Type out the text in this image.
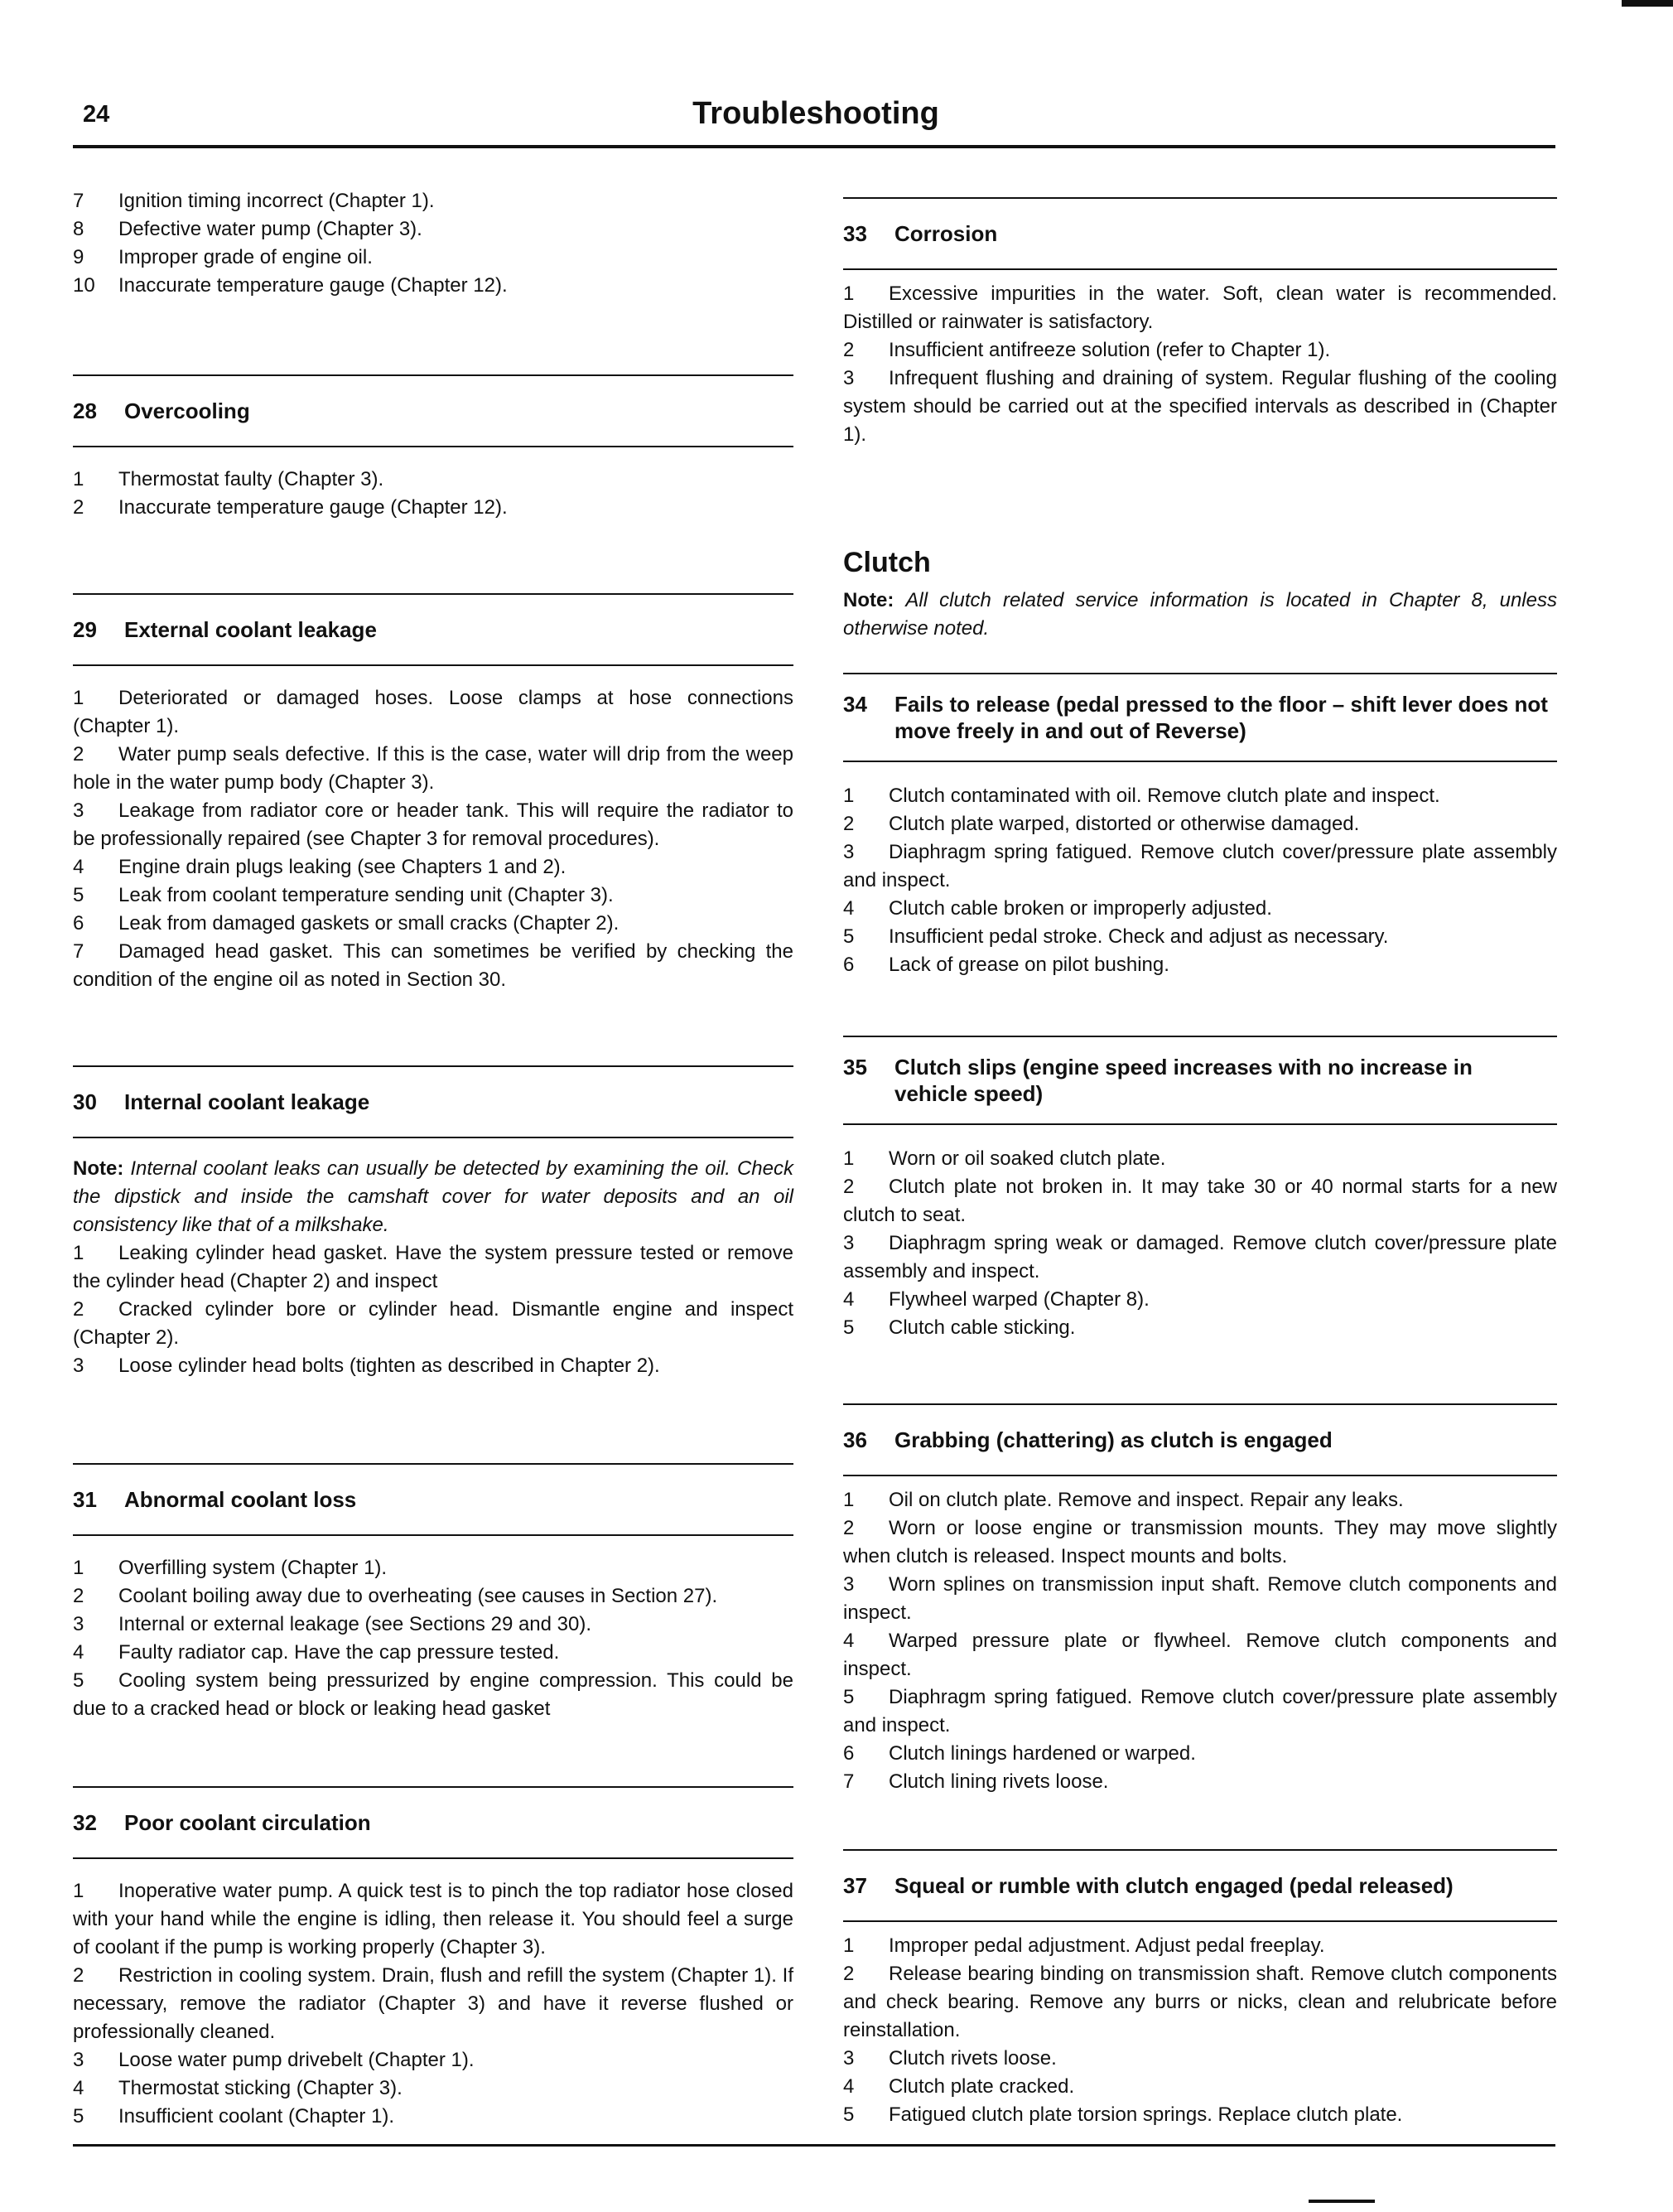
24	Troubleshooting

7 Ignition timing incorrect (Chapter 1).

8 Defective water pump (Chapter 3).

9 Improper grade of engine oil.

10 Inaccurate temperature gauge (Chapter 12).

28 Overcooling

1 Thermostat faulty (Chapter 3).

2 Inaccurate temperature gauge (Chapter 12).

29 External coolant leakage

1 Deteriorated or damaged hoses. Loose clamps at hose connections (Chapter 1).

2 Water pump seals defective. If this is the case, water will drip from the weep hole in the water pump body (Chapter 3).

3 Leakage from radiator core or header tank. This will require the radiator to be professionally repaired (see Chapter 3 for removal procedures).

4 Engine drain plugs leaking (see Chapters 1 and 2).

5 Leak from coolant temperature sending unit (Chapter 3).

6 Leak from damaged gaskets or small cracks (Chapter 2).

7 Damaged head gasket. This can sometimes be verified by checking the condition of the engine oil as noted in Section 30.

30 Internal coolant leakage

Note: Internal coolant leaks can usually be detected by examining the oil. Check the dipstick and inside the camshaft cover for water deposits and an oil consistency like that of a milkshake.

1 Leaking cylinder head gasket. Have the system pressure tested or remove the cylinder head (Chapter 2) and inspect

2 Cracked cylinder bore or cylinder head. Dismantle engine and inspect (Chapter 2).

3 Loose cylinder head bolts (tighten as described in Chapter 2).

31 Abnormal coolant loss

1 Overfilling system (Chapter 1).

2 Coolant boiling away due to overheating (see causes in Section 27).

3 Internal or external leakage (see Sections 29 and 30).

4 Faulty radiator cap. Have the cap pressure tested.

5 Cooling system being pressurized by engine compression. This could be due to a cracked head or block or leaking head gasket

32 Poor coolant circulation

1 Inoperative water pump. A quick test is to pinch the top radiator hose closed with your hand while the engine is idling, then release it. You should feel a surge of coolant if the pump is working properly (Chapter 3).

2 Restriction in cooling system. Drain, flush and refill the system (Chapter 1). If necessary, remove the radiator (Chapter 3) and have it reverse flushed or professionally cleaned.

3 Loose water pump drivebelt (Chapter 1).

4 Thermostat sticking (Chapter 3).

5 Insufficient coolant (Chapter 1).

33 Corrosion

1 Excessive impurities in the water. Soft, clean water is recommended. Distilled or rainwater is satisfactory.

2 Insufficient antifreeze solution (refer to Chapter 1).

3 Infrequent flushing and draining of system. Regular flushing of the cooling system should be carried out at the specified intervals as described in (Chapter 1).

Clutch

Note: All clutch related service information is located in Chapter 8, unless otherwise noted.

34 Fails to release (pedal pressed to the floor – shift lever does not move freely in and out of Reverse)

1 Clutch contaminated with oil. Remove clutch plate and inspect.

2 Clutch plate warped, distorted or otherwise damaged.

3 Diaphragm spring fatigued. Remove clutch cover/pressure plate assembly and inspect.

4 Clutch cable broken or improperly adjusted.

5 Insufficient pedal stroke. Check and adjust as necessary.

6 Lack of grease on pilot bushing.

35 Clutch slips (engine speed increases with no increase in vehicle speed)

1 Worn or oil soaked clutch plate.

2 Clutch plate not broken in. It may take 30 or 40 normal starts for a new clutch to seat.

3 Diaphragm spring weak or damaged. Remove clutch cover/pressure plate assembly and inspect.

4 Flywheel warped (Chapter 8).

5 Clutch cable sticking.

36 Grabbing (chattering) as clutch is engaged

1 Oil on clutch plate. Remove and inspect. Repair any leaks.

2 Worn or loose engine or transmission mounts. They may move slightly when clutch is released. Inspect mounts and bolts.

3 Worn splines on transmission input shaft. Remove clutch components and inspect.

4 Warped pressure plate or flywheel. Remove clutch components and inspect.

5 Diaphragm spring fatigued. Remove clutch cover/pressure plate assembly and inspect.

6 Clutch linings hardened or warped.

7 Clutch lining rivets loose.

37 Squeal or rumble with clutch engaged (pedal released)

1 Improper pedal adjustment. Adjust pedal freeplay.

2 Release bearing binding on transmission shaft. Remove clutch components and check bearing. Remove any burrs or nicks, clean and relubricate before reinstallation.

3 Clutch rivets loose.

4 Clutch plate cracked.

5 Fatigued clutch plate torsion springs. Replace clutch plate.
